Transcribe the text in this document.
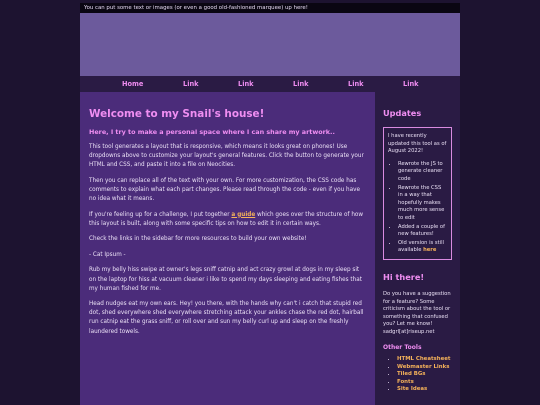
You can put some text or images (or even a good old-fashioned marquee) up here!
Home	Link	Link	Link	Link	Link
Welcome to my Snail's house!
Here, I try to make a personal space where I can share my artwork..

This tool generates a layout that is responsive, which means it looks great on phones! Use dropdowns above to customize your layout's general features. Click the button to generate your HTML and CSS, and paste it into a file on Neocities.

Then you can replace all of the text with your own. For more customization, the CSS code has comments to explain what each part changes. Please read through the code - even if you have no idea what it means.

If you're feeling up for a challenge, I put together a guide which goes over the structure of how this layout is built, along with some specific tips on how to edit it in certain ways.

Check the links in the sidebar for more resources to build your own website!

- Cat Ipsum -

Rub my belly hiss swipe at owner's legs sniff catnip and act crazy growl at dogs in my sleep sit on the laptop for hiss at vacuum cleaner i like to spend my days sleeping and eating fishes that my human fished for me.

Head nudges eat my own ears. Hey! you there, with the hands why can't i catch that stupid red dot, shed everywhere shed everywhere stretching attack your ankles chase the red dot, hairball run catnip eat the grass sniff, or roll over and sun my belly curl up and sleep on the freshly laundered towels.

Updates

I have recently updated this tool as of August 2022!

• Rewrote the JS to generate cleaner code
• Rewrote the CSS in a way that hopefully makes much more sense to edit
• Added a couple of new features!
• Old version is still available here
Hi there!

Do you have a suggestion for a feature? Some criticism about the tool or something that confused you? Let me know! sadgrl[at]riseup.net

Other Tools
• HTML Cheatsheet
• Webmaster Links
• Tiled BGs
• Fonts
• Site Ideas
